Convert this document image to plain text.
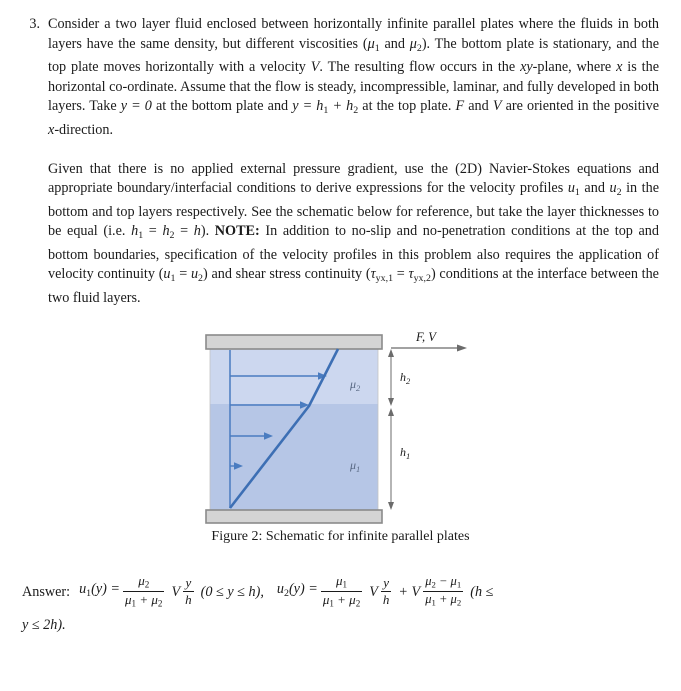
3. Consider a two layer fluid enclosed between horizontally infinite parallel plates where the fluids in both layers have the same density, but different viscosities ($\mu_1$ and $\mu_2$). The bottom plate is stationary, and the top plate moves horizontally with a velocity V. The resulting flow occurs in the xy-plane, where x is the horizontal co-ordinate. Assume that the flow is steady, incompressible, laminar, and fully developed in both layers. Take y = 0 at the bottom plate and $y = h_1 + h_2$ at the top plate. F and V are oriented in the positive x-direction.

Given that there is no applied external pressure gradient, use the (2D) Navier-Stokes equations and appropriate boundary/interfacial conditions to derive expressions for the velocity profiles $u_1$ and $u_2$ in the bottom and top layers respectively. See the schematic below for reference, but take the layer thicknesses to be equal (i.e. $h_1 = h_2 = h$). NOTE: In addition to no-slip and no-penetration conditions at the top and bottom boundaries, specification of the velocity profiles in this problem also requires the application of velocity continuity $(u_1 = u_2)$ and shear stress continuity $(\tau_{yx,1} = \tau_{yx,2})$ conditions at the interface between the two fluid layers.

$\mu_2$
$\mu_1$
F, V
$h_2$
$h_1$
Figure 2: Schematic for infinite parallel plates
Answer: $u_1(y) = \frac{\mu_2}{\mu_1 + \mu_2}$ V $\frac{y}{h} (0 \le y \le h)$, $u_2(y) = \frac{\mu_1}{\mu_1 + \mu_2}$ V $\frac{y}{h} + V \frac{\mu_2 - \mu_1}{\mu_1 + \mu_2} (h$ ≤
y ≤ 2h).
